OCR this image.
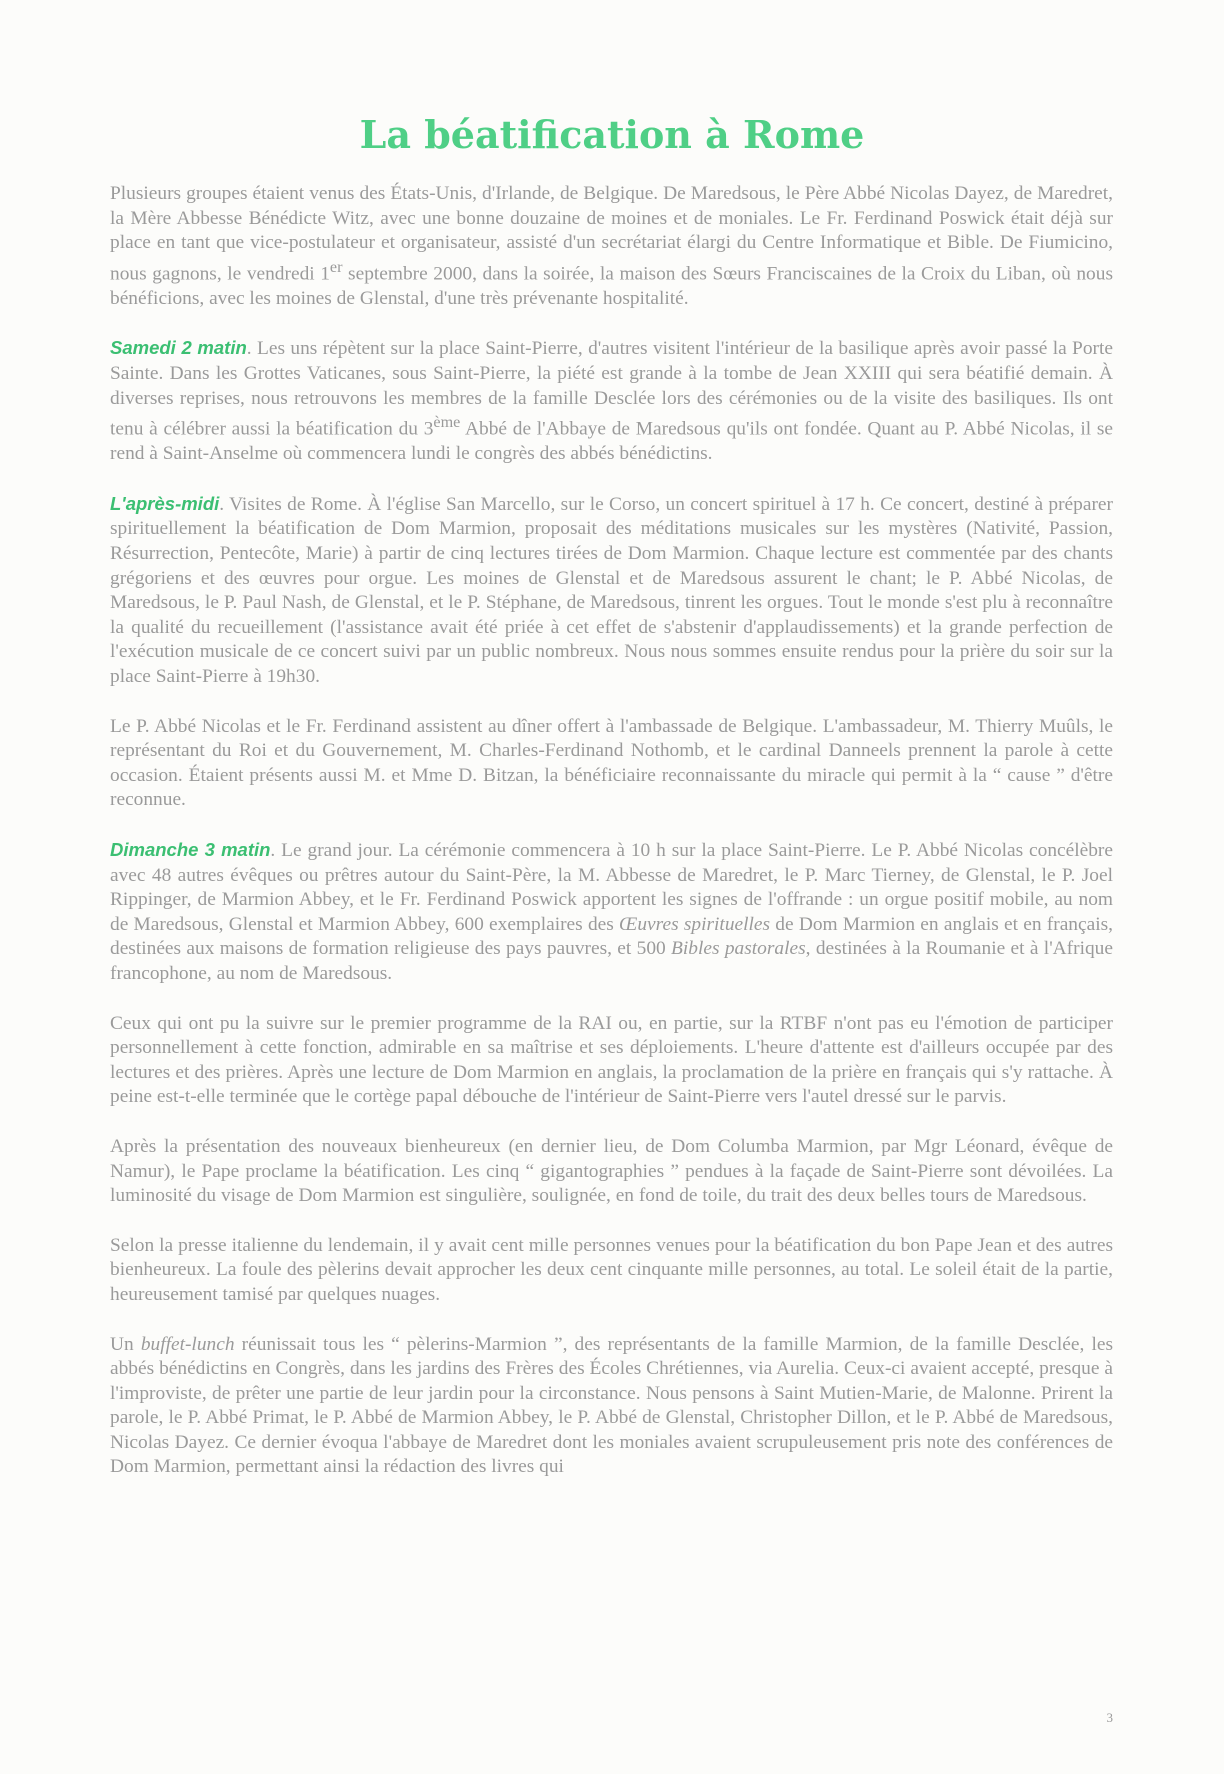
La béatification à Rome

Plusieurs groupes étaient venus des États-Unis, d'Irlande, de Belgique. De Maredsous, le Père Abbé Nicolas Dayez, de Maredret, la Mère Abbesse Bénédicte Witz, avec une bonne douzaine de moines et de moniales. Le Fr. Ferdinand Poswick était déjà sur place en tant que vice-postulateur et organisateur, assisté d'un secrétariat élargi du Centre Informatique et Bible. De Fiumicino, nous gagnons, le vendredi 1er septembre 2000, dans la soirée, la maison des Sœurs Franciscaines de la Croix du Liban, où nous bénéficions, avec les moines de Glenstal, d'une très prévenante hospitalité.

Samedi 2 matin. Les uns répètent sur la place Saint-Pierre, d'autres visitent l'intérieur de la basilique après avoir passé la Porte Sainte. Dans les Grottes Vaticanes, sous Saint-Pierre, la piété est grande à la tombe de Jean XXIII qui sera béatifié demain. À diverses reprises, nous retrouvons les membres de la famille Desclée lors des cérémonies ou de la visite des basiliques. Ils ont tenu à célébrer aussi la béatification du 3ème Abbé de l'Abbaye de Maredsous qu'ils ont fondée. Quant au P. Abbé Nicolas, il se rend à Saint-Anselme où commencera lundi le congrès des abbés bénédictins.

L'après-midi. Visites de Rome. À l'église San Marcello, sur le Corso, un concert spirituel à 17 h. Ce concert, destiné à préparer spirituellement la béatification de Dom Marmion, proposait des méditations musicales sur les mystères (Nativité, Passion, Résurrection, Pentecôte, Marie) à partir de cinq lectures tirées de Dom Marmion. Chaque lecture est commentée par des chants grégoriens et des œuvres pour orgue. Les moines de Glenstal et de Maredsous assurent le chant; le P. Abbé Nicolas, de Maredsous, le P. Paul Nash, de Glenstal, et le P. Stéphane, de Maredsous, tinrent les orgues. Tout le monde s'est plu à reconnaître la qualité du recueillement (l'assistance avait été priée à cet effet de s'abstenir d'applaudissements) et la grande perfection de l'exécution musicale de ce concert suivi par un public nombreux. Nous nous sommes ensuite rendus pour la prière du soir sur la place Saint-Pierre à 19h30.

Le P. Abbé Nicolas et le Fr. Ferdinand assistent au dîner offert à l'ambassade de Belgique. L'ambassadeur, M. Thierry Muûls, le représentant du Roi et du Gouvernement, M. Charles-Ferdinand Nothomb, et le cardinal Danneels prennent la parole à cette occasion. Étaient présents aussi M. et Mme D. Bitzan, la bénéficiaire reconnaissante du miracle qui permit à la “ cause ” d'être reconnue.

Dimanche 3 matin. Le grand jour. La cérémonie commencera à 10 h sur la place Saint-Pierre. Le P. Abbé Nicolas concélèbre avec 48 autres évêques ou prêtres autour du Saint-Père, la M. Abbesse de Maredret, le P. Marc Tierney, de Glenstal, le P. Joel Rippinger, de Marmion Abbey, et le Fr. Ferdinand Poswick apportent les signes de l'offrande : un orgue positif mobile, au nom de Maredsous, Glenstal et Marmion Abbey, 600 exemplaires des Œuvres spirituelles de Dom Marmion en anglais et en français, destinées aux maisons de formation religieuse des pays pauvres, et 500 Bibles pastorales, destinées à la Roumanie et à l'Afrique francophone, au nom de Maredsous.

Ceux qui ont pu la suivre sur le premier programme de la RAI ou, en partie, sur la RTBF n'ont pas eu l'émotion de participer personnellement à cette fonction, admirable en sa maîtrise et ses déploiements. L'heure d'attente est d'ailleurs occupée par des lectures et des prières. Après une lecture de Dom Marmion en anglais, la proclamation de la prière en français qui s'y rattache. À peine est-t-elle terminée que le cortège papal débouche de l'intérieur de Saint-Pierre vers l'autel dressé sur le parvis.

Après la présentation des nouveaux bienheureux (en dernier lieu, de Dom Columba Marmion, par Mgr Léonard, évêque de Namur), le Pape proclame la béatification. Les cinq “ gigantographies ” pendues à la façade de Saint-Pierre sont dévoilées. La luminosité du visage de Dom Marmion est singulière, soulignée, en fond de toile, du trait des deux belles tours de Maredsous.

Selon la presse italienne du lendemain, il y avait cent mille personnes venues pour la béatification du bon Pape Jean et des autres bienheureux. La foule des pèlerins devait approcher les deux cent cinquante mille personnes, au total. Le soleil était de la partie, heureusement tamisé par quelques nuages.

Un buffet-lunch réunissait tous les “ pèlerins-Marmion ”, des représentants de la famille Marmion, de la famille Desclée, les abbés bénédictins en Congrès, dans les jardins des Frères des Écoles Chrétiennes, via Aurelia. Ceux-ci avaient accepté, presque à l'improviste, de prêter une partie de leur jardin pour la circonstance. Nous pensons à Saint Mutien-Marie, de Malonne. Prirent la parole, le P. Abbé Primat, le P. Abbé de Marmion Abbey, le P. Abbé de Glenstal, Christopher Dillon, et le P. Abbé de Maredsous, Nicolas Dayez. Ce dernier évoqua l'abbaye de Maredret dont les moniales avaient scrupuleusement pris note des conférences de Dom Marmion, permettant ainsi la rédaction des livres qui

3
